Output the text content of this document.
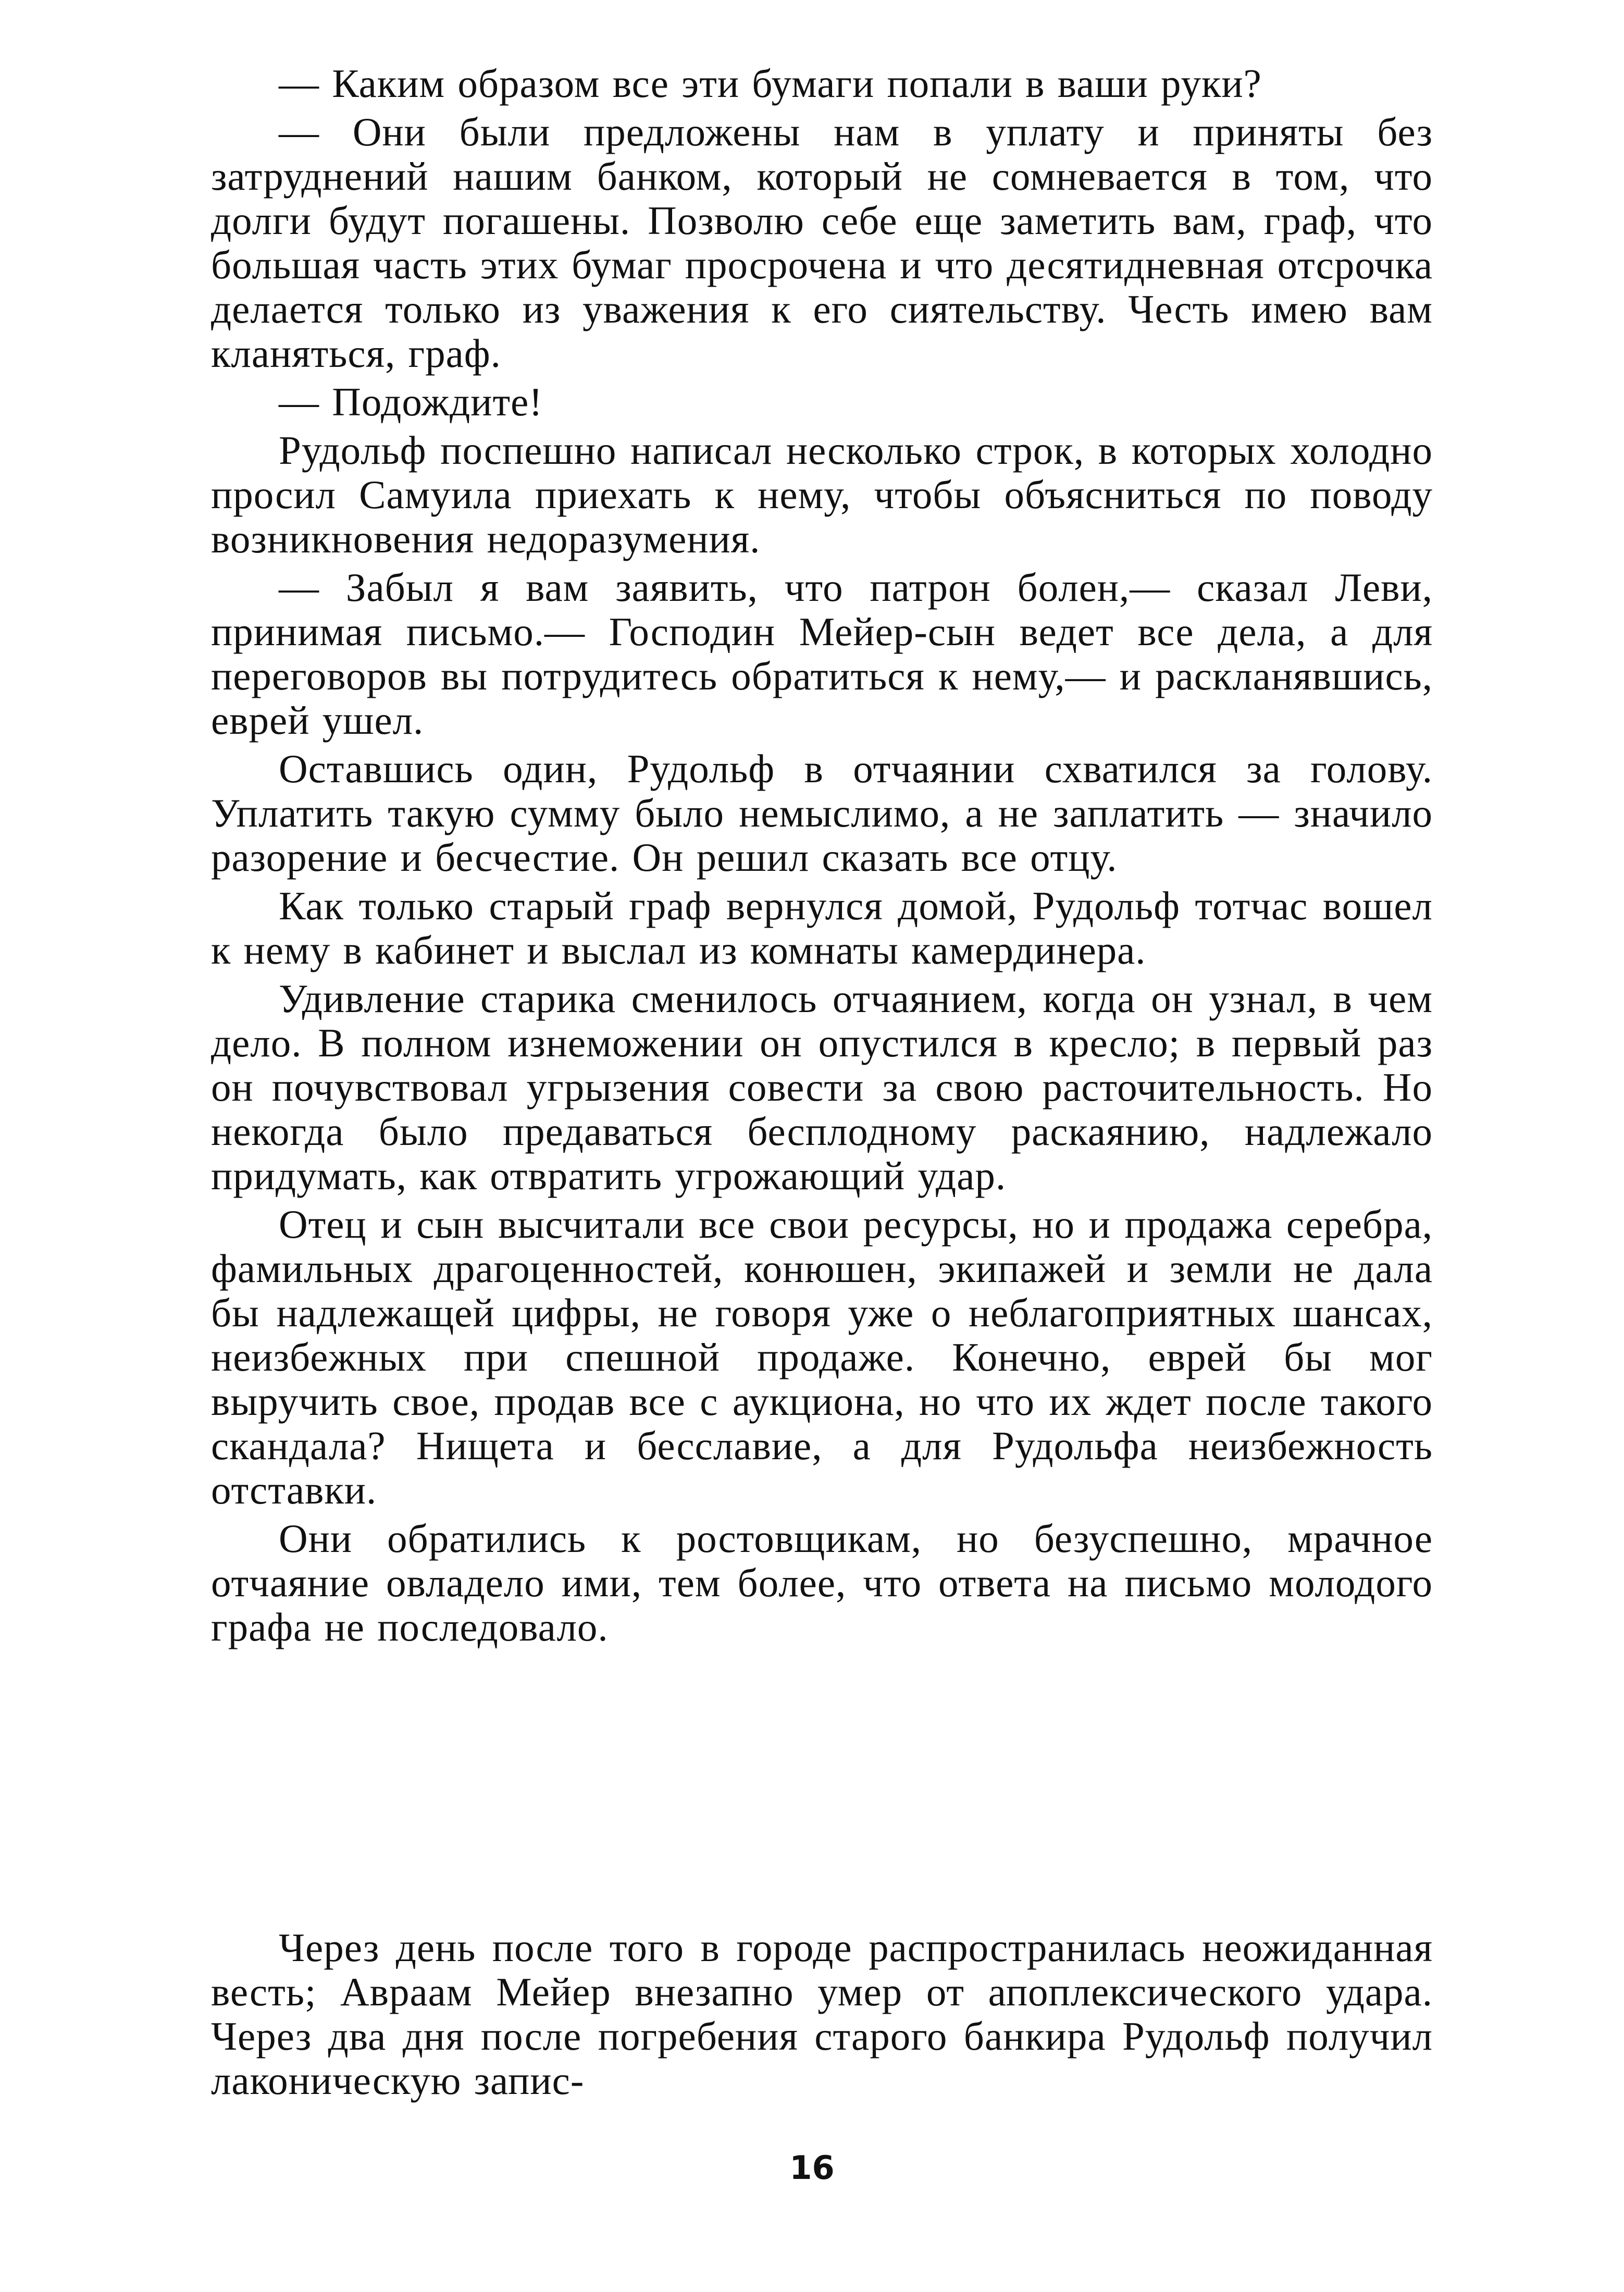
— Каким образом все эти бумаги попали в ваши руки?

— Они были предложены нам в уплату и приняты без затруднений нашим банком, который не сомневается в том, что долги будут погашены. Позволю себе еще заметить вам, граф, что большая часть этих бумаг просрочена и что десятидневная отсрочка делается только из уважения к его сиятельству. Честь имею вам кланяться, граф.

— Подождите!

Рудольф поспешно написал несколько строк, в которых холодно просил Самуила приехать к нему, чтобы объясниться по поводу возникновения недоразумения.

— Забыл я вам заявить, что патрон болен,— сказал Леви, принимая письмо.— Господин Мейер-сын ведет все дела, а для переговоров вы потрудитесь обратиться к нему,— и раскланявшись, еврей ушел.

Оставшись один, Рудольф в отчаянии схватился за голову. Уплатить такую сумму было немыслимо, а не заплатить — значило разорение и бесчестие. Он решил сказать все отцу.

Как только старый граф вернулся домой, Рудольф тотчас вошел к нему в кабинет и выслал из комнаты камердинера.

Удивление старика сменилось отчаянием, когда он узнал, в чем дело. В полном изнеможении он опустился в кресло; в первый раз он почувствовал угрызения совести за свою расточительность. Но некогда было предаваться бесплодному раскаянию, надлежало придумать, как отвратить угрожающий удар.

Отец и сын высчитали все свои ресурсы, но и продажа серебра, фамильных драгоценностей, конюшен, экипажей и земли не дала бы надлежащей цифры, не говоря уже о неблагоприятных шансах, неизбежных при спешной продаже. Конечно, еврей бы мог выручить свое, продав все с аукциона, но что их ждет после такого скандала? Нищета и бесславие, а для Рудольфа неизбежность отставки.

Они обратились к ростовщикам, но безуспешно, мрачное отчаяние овладело ими, тем более, что ответа на письмо молодого графа не последовало.

Через день после того в городе распространилась неожиданная весть; Авраам Мейер внезапно умер от апоплексического удара. Через два дня после погребения старого банкира Рудольф получил лаконическую запис-

16
